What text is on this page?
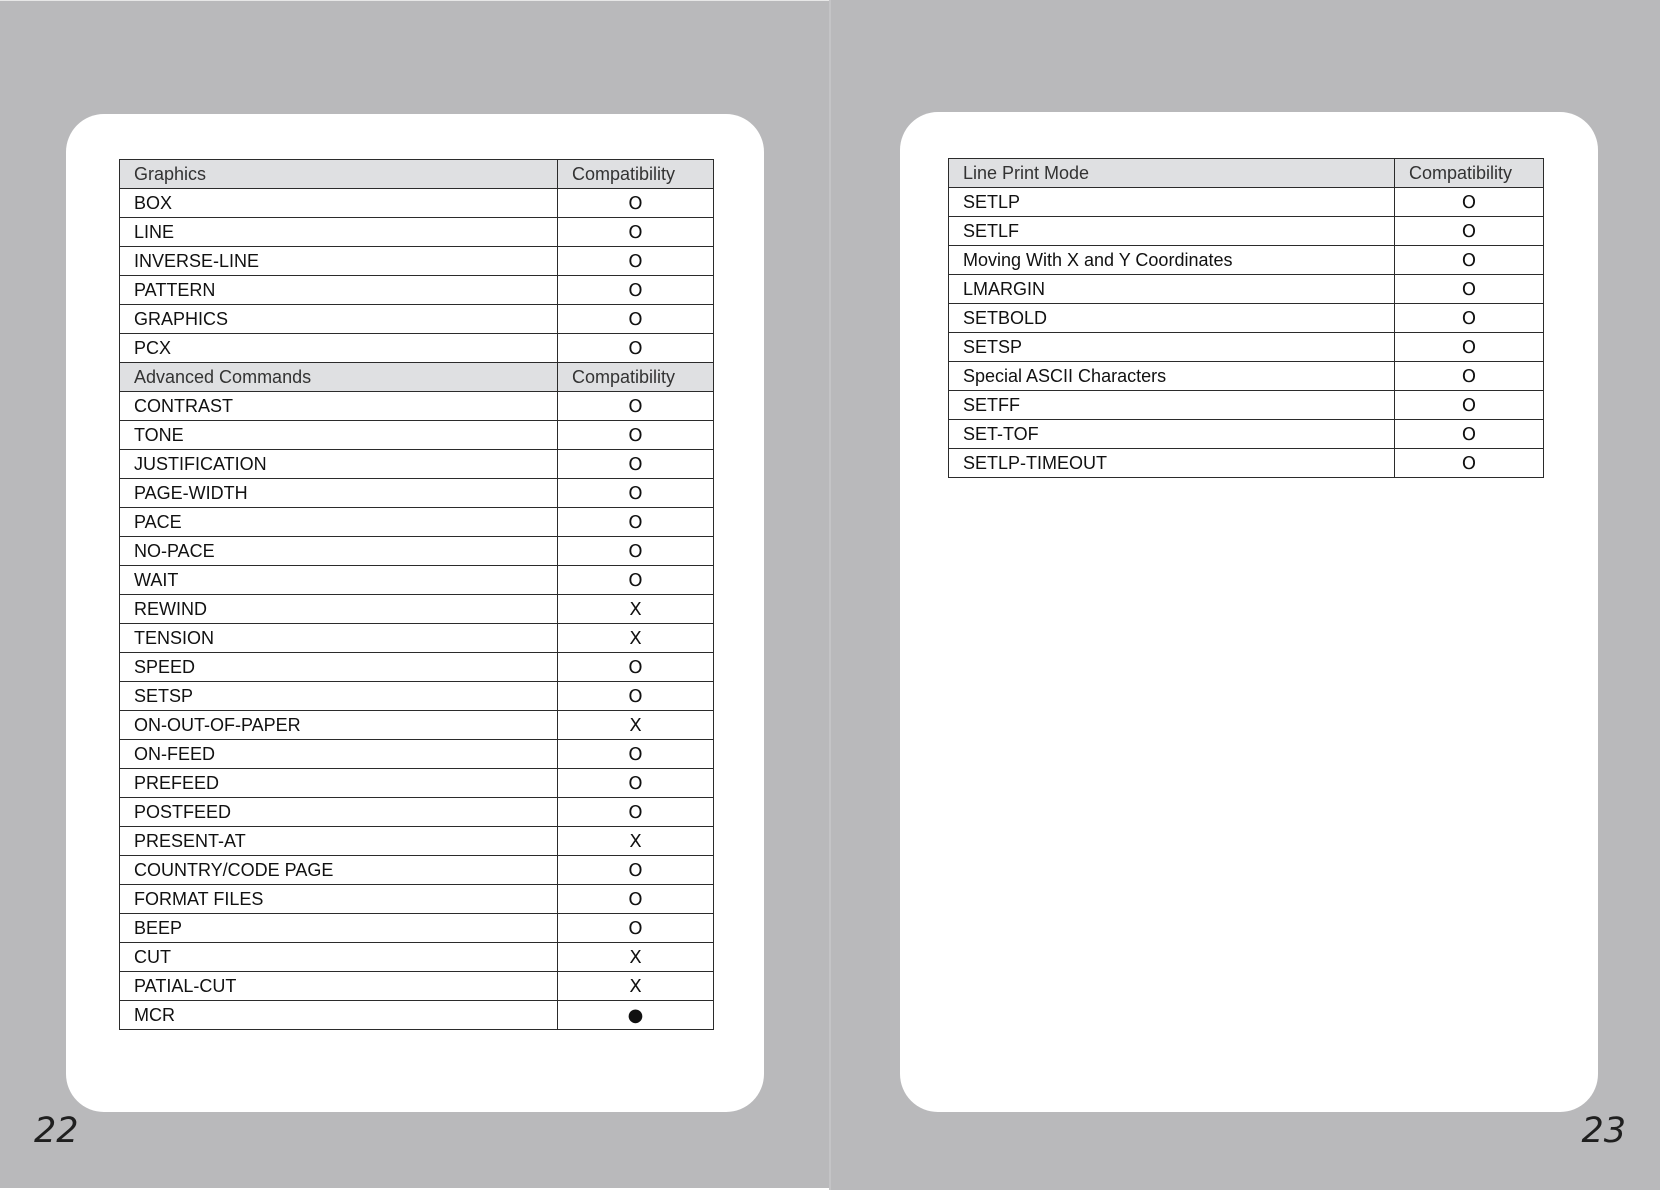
Graphics	Compatibility
BOX	O
LINE	O
INVERSE-LINE	O
PATTERN	O
GRAPHICS	O
PCX	O
Advanced Commands	Compatibility
CONTRAST	O
TONE	O
JUSTIFICATION	O
PAGE-WIDTH	O
PACE	O
NO-PACE	O
WAIT	O
REWIND	X
TENSION	X
SPEED	O
SETSP	O
ON-OUT-OF-PAPER	X
ON-FEED	O
PREFEED	O
POSTFEED	O
PRESENT-AT	X
COUNTRY/CODE PAGE	O
FORMAT FILES	O
BEEP	O
CUT	X
PATIAL-CUT	X
MCR	●
Line Print Mode	Compatibility
SETLP	O
SETLF	O
Moving With X and Y Coordinates	O
LMARGIN	O
SETBOLD	O
SETSP	O
Special ASCII Characters	O
SETFF	O
SET-TOF	O
SETLP-TIMEOUT	O
22	23
